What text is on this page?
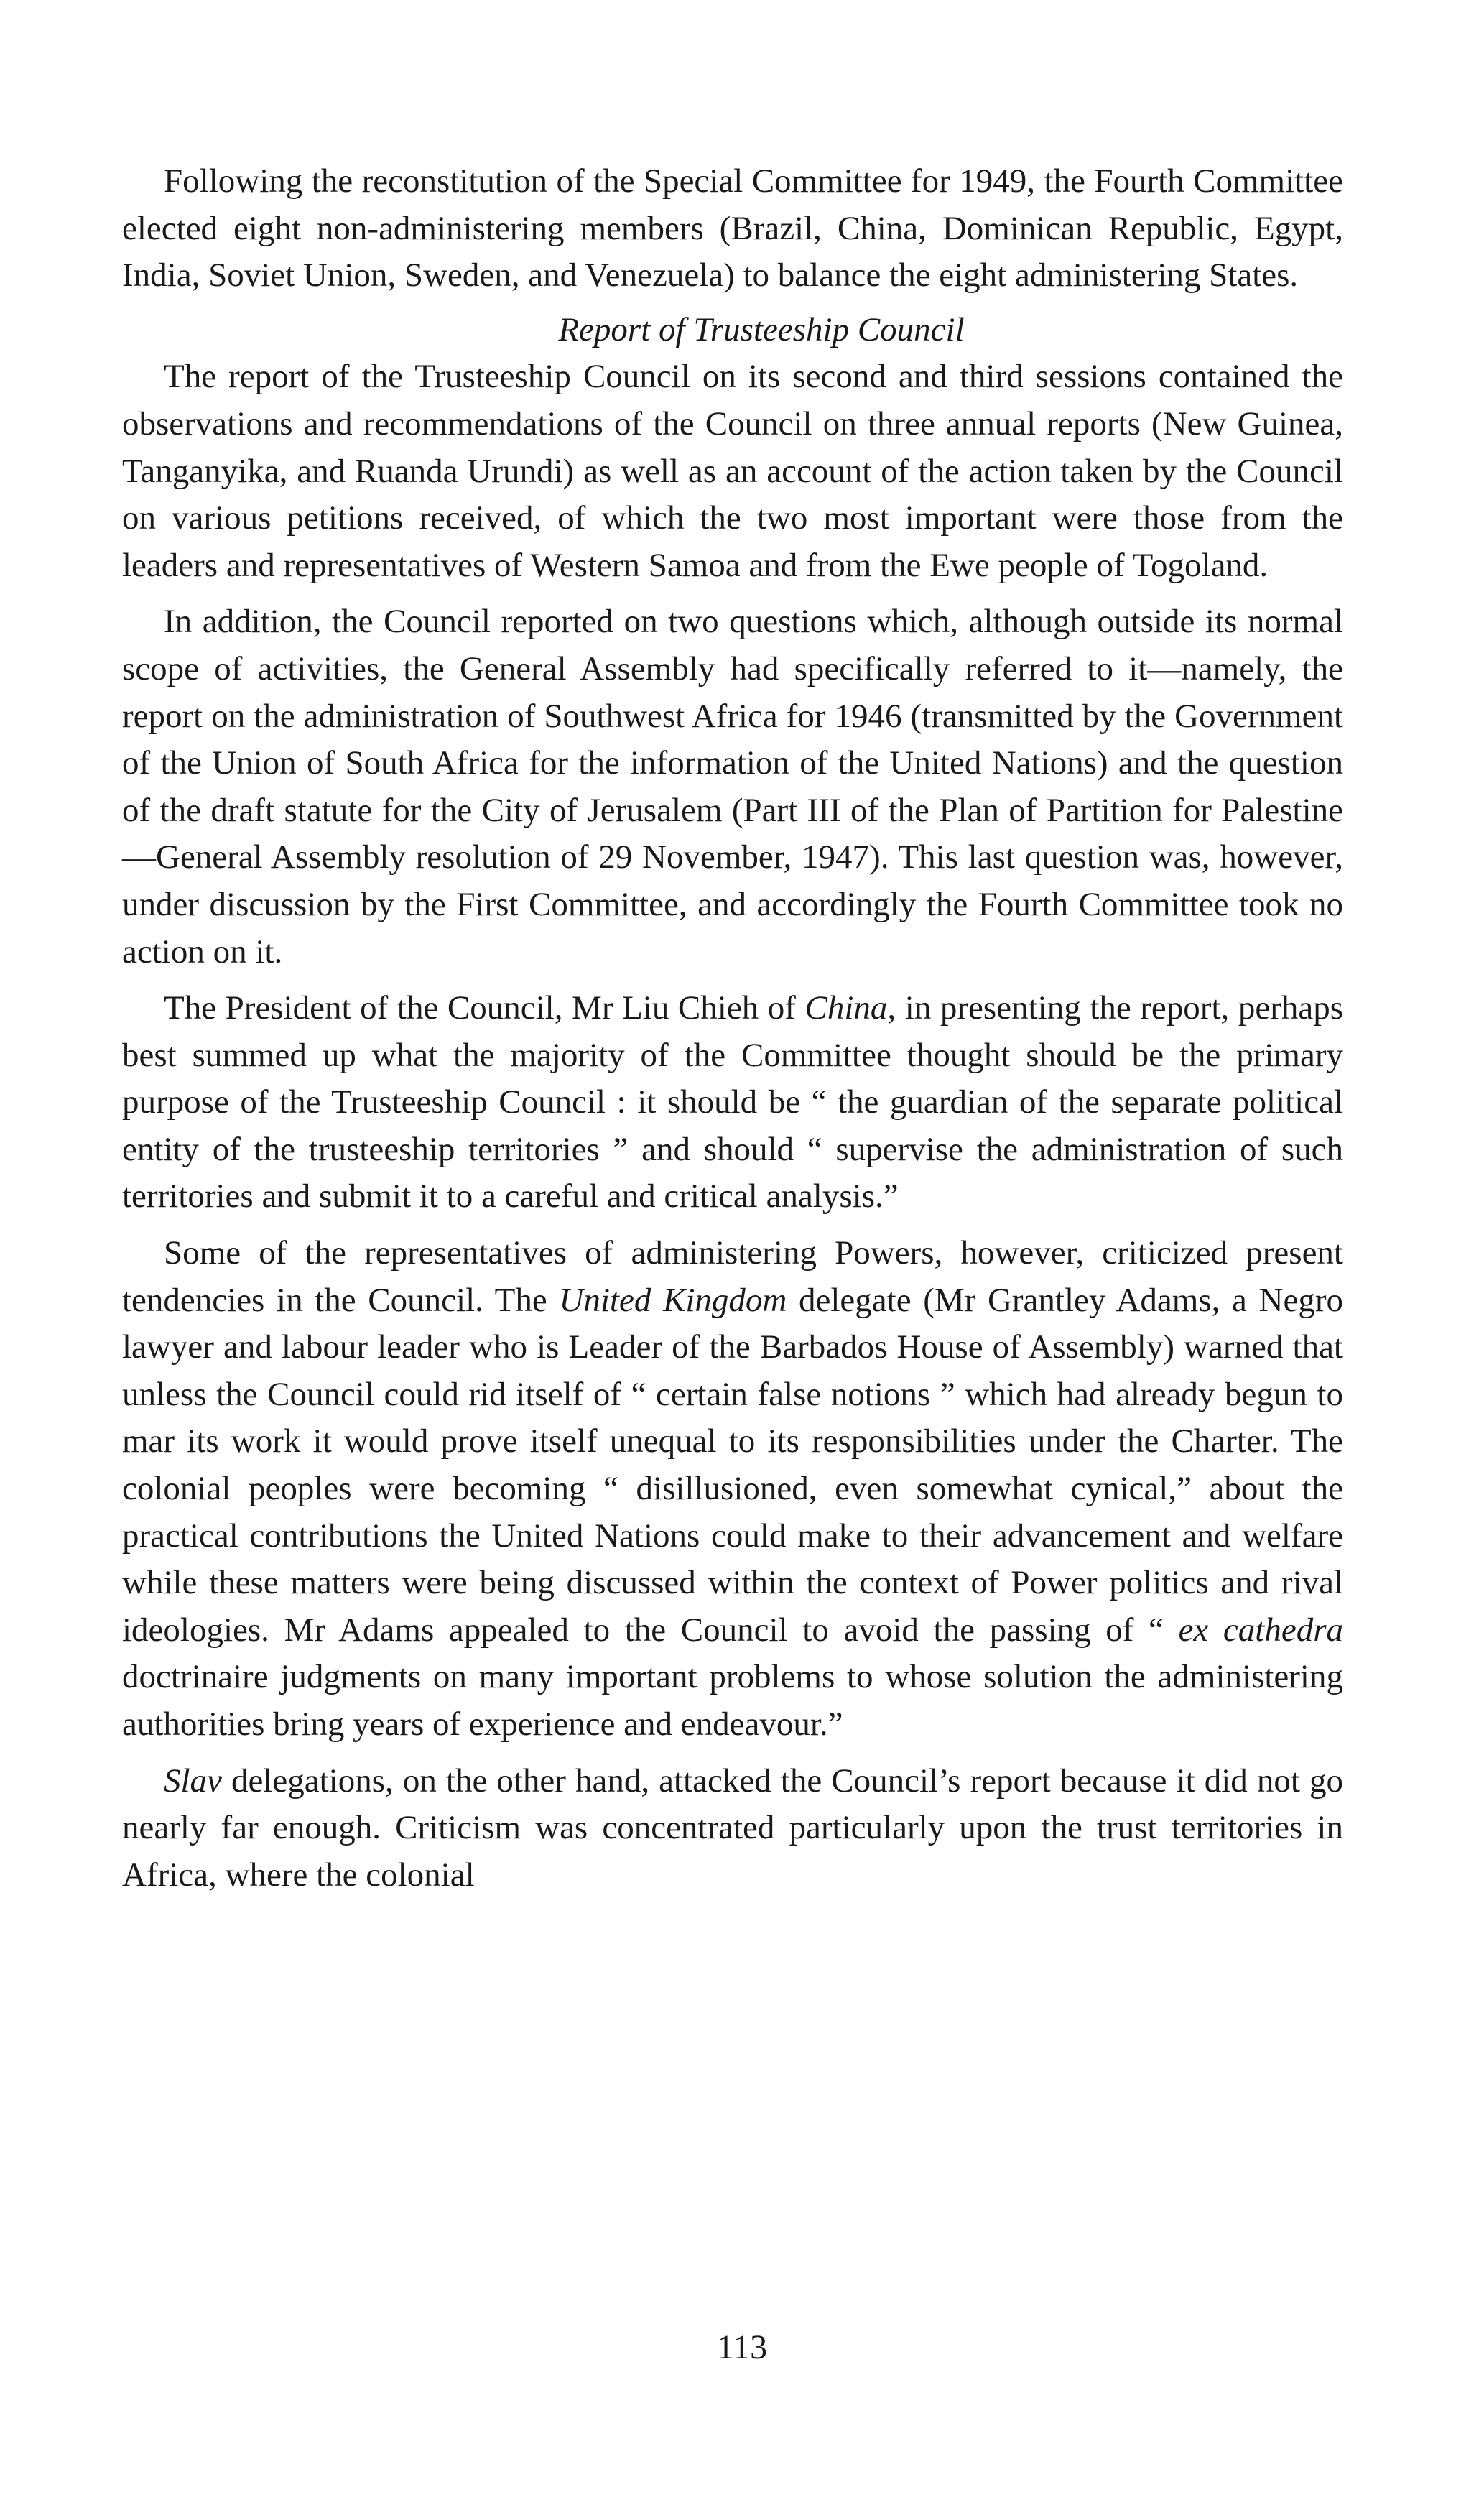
Following the reconstitution of the Special Committee for 1949, the Fourth Committee elected eight non-administering members (Brazil, China, Dominican Republic, Egypt, India, Soviet Union, Sweden, and Venezuela) to balance the eight administering States.

Report of Trusteeship Council

The report of the Trusteeship Council on its second and third sessions contained the observations and recommendations of the Council on three annual reports (New Guinea, Tanganyika, and Ruanda Urundi) as well as an account of the action taken by the Council on various petitions received, of which the two most important were those from the leaders and representatives of Western Samoa and from the Ewe people of Togoland.

In addition, the Council reported on two questions which, although outside its normal scope of activities, the General Assembly had specifically referred to it—namely, the report on the administration of Southwest Africa for 1946 (transmitted by the Government of the Union of South Africa for the information of the United Nations) and the question of the draft statute for the City of Jerusalem (Part III of the Plan of Partition for Palestine—General Assembly resolution of 29 November, 1947). This last question was, however, under discussion by the First Committee, and accordingly the Fourth Committee took no action on it.

The President of the Council, Mr Liu Chieh of China, in presenting the report, perhaps best summed up what the majority of the Committee thought should be the primary purpose of the Trusteeship Council : it should be “ the guardian of the separate political entity of the trusteeship territories ” and should “ supervise the administration of such territories and submit it to a careful and critical analysis.”

Some of the representatives of administering Powers, however, criticized present tendencies in the Council. The United Kingdom delegate (Mr Grantley Adams, a Negro lawyer and labour leader who is Leader of the Barbados House of Assembly) warned that unless the Council could rid itself of “ certain false notions ” which had already begun to mar its work it would prove itself unequal to its responsibilities under the Charter. The colonial peoples were becoming “ disillusioned, even somewhat cynical,” about the practical contributions the United Nations could make to their advancement and welfare while these matters were being discussed within the context of Power politics and rival ideologies. Mr Adams appealed to the Council to avoid the passing of “ ex cathedra doctrinaire judgments on many important problems to whose solution the administering authorities bring years of experience and endeavour.”

Slav delegations, on the other hand, attacked the Council’s report because it did not go nearly far enough. Criticism was concentrated particularly upon the trust territories in Africa, where the colonial

113
